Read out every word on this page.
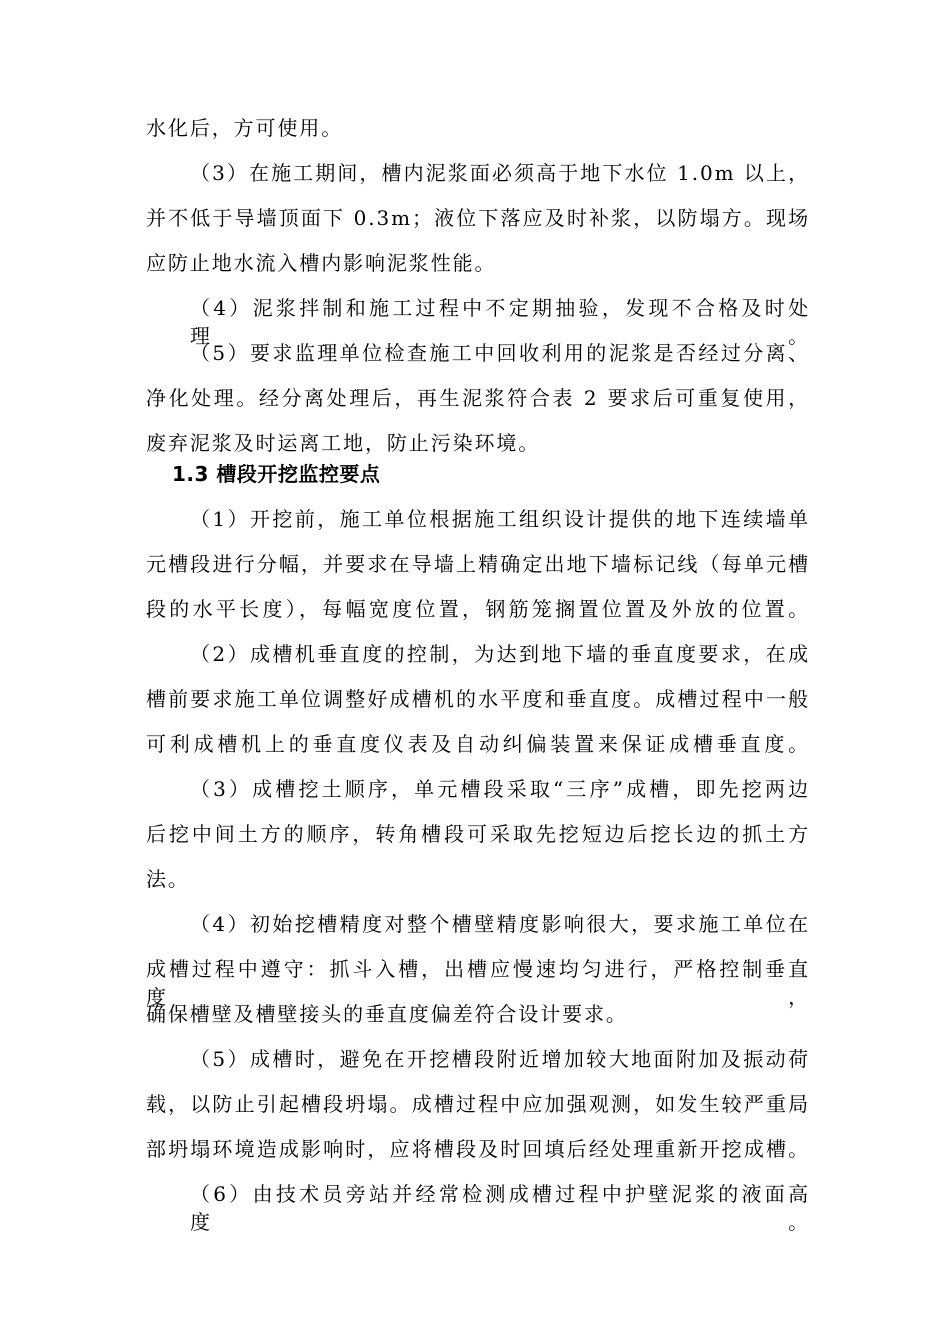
水化后，方可使用。
（3）在施工期间，槽内泥浆面必须高于地下水位 1.0m 以上，
并不低于导墙顶面下 0.3m；液位下落应及时补浆，以防塌方。现场
应防止地水流入槽内影响泥浆性能。
（4）泥浆拌制和施工过程中不定期抽验，发现不合格及时处理。
（5）要求监理单位检查施工中回收利用的泥浆是否经过分离、
净化处理。经分离处理后，再生泥浆符合表 2 要求后可重复使用，
废弃泥浆及时运离工地，防止污染环境。
1.3 槽段开挖监控要点
（1）开挖前，施工单位根据施工组织设计提供的地下连续墙单
元槽段进行分幅，并要求在导墙上精确定出地下墙标记线（每单元槽
段的水平长度），每幅宽度位置，钢筋笼搁置位置及外放的位置。
（2）成槽机垂直度的控制，为达到地下墙的垂直度要求，在成
槽前要求施工单位调整好成槽机的水平度和垂直度。成槽过程中一般
可利成槽机上的垂直度仪表及自动纠偏装置来保证成槽垂直度。
（3）成槽挖土顺序，单元槽段采取“三序”成槽，即先挖两边
后挖中间土方的顺序，转角槽段可采取先挖短边后挖长边的抓土方
法。
（4）初始挖槽精度对整个槽壁精度影响很大，要求施工单位在
成槽过程中遵守：抓斗入槽，出槽应慢速均匀进行，严格控制垂直度，
确保槽壁及槽壁接头的垂直度偏差符合设计要求。
（5）成槽时，避免在开挖槽段附近增加较大地面附加及振动荷
载，以防止引起槽段坍塌。成槽过程中应加强观测，如发生较严重局
部坍塌环境造成影响时，应将槽段及时回填后经处理重新开挖成槽。
（6）由技术员旁站并经常检测成槽过程中护壁泥浆的液面高度。
